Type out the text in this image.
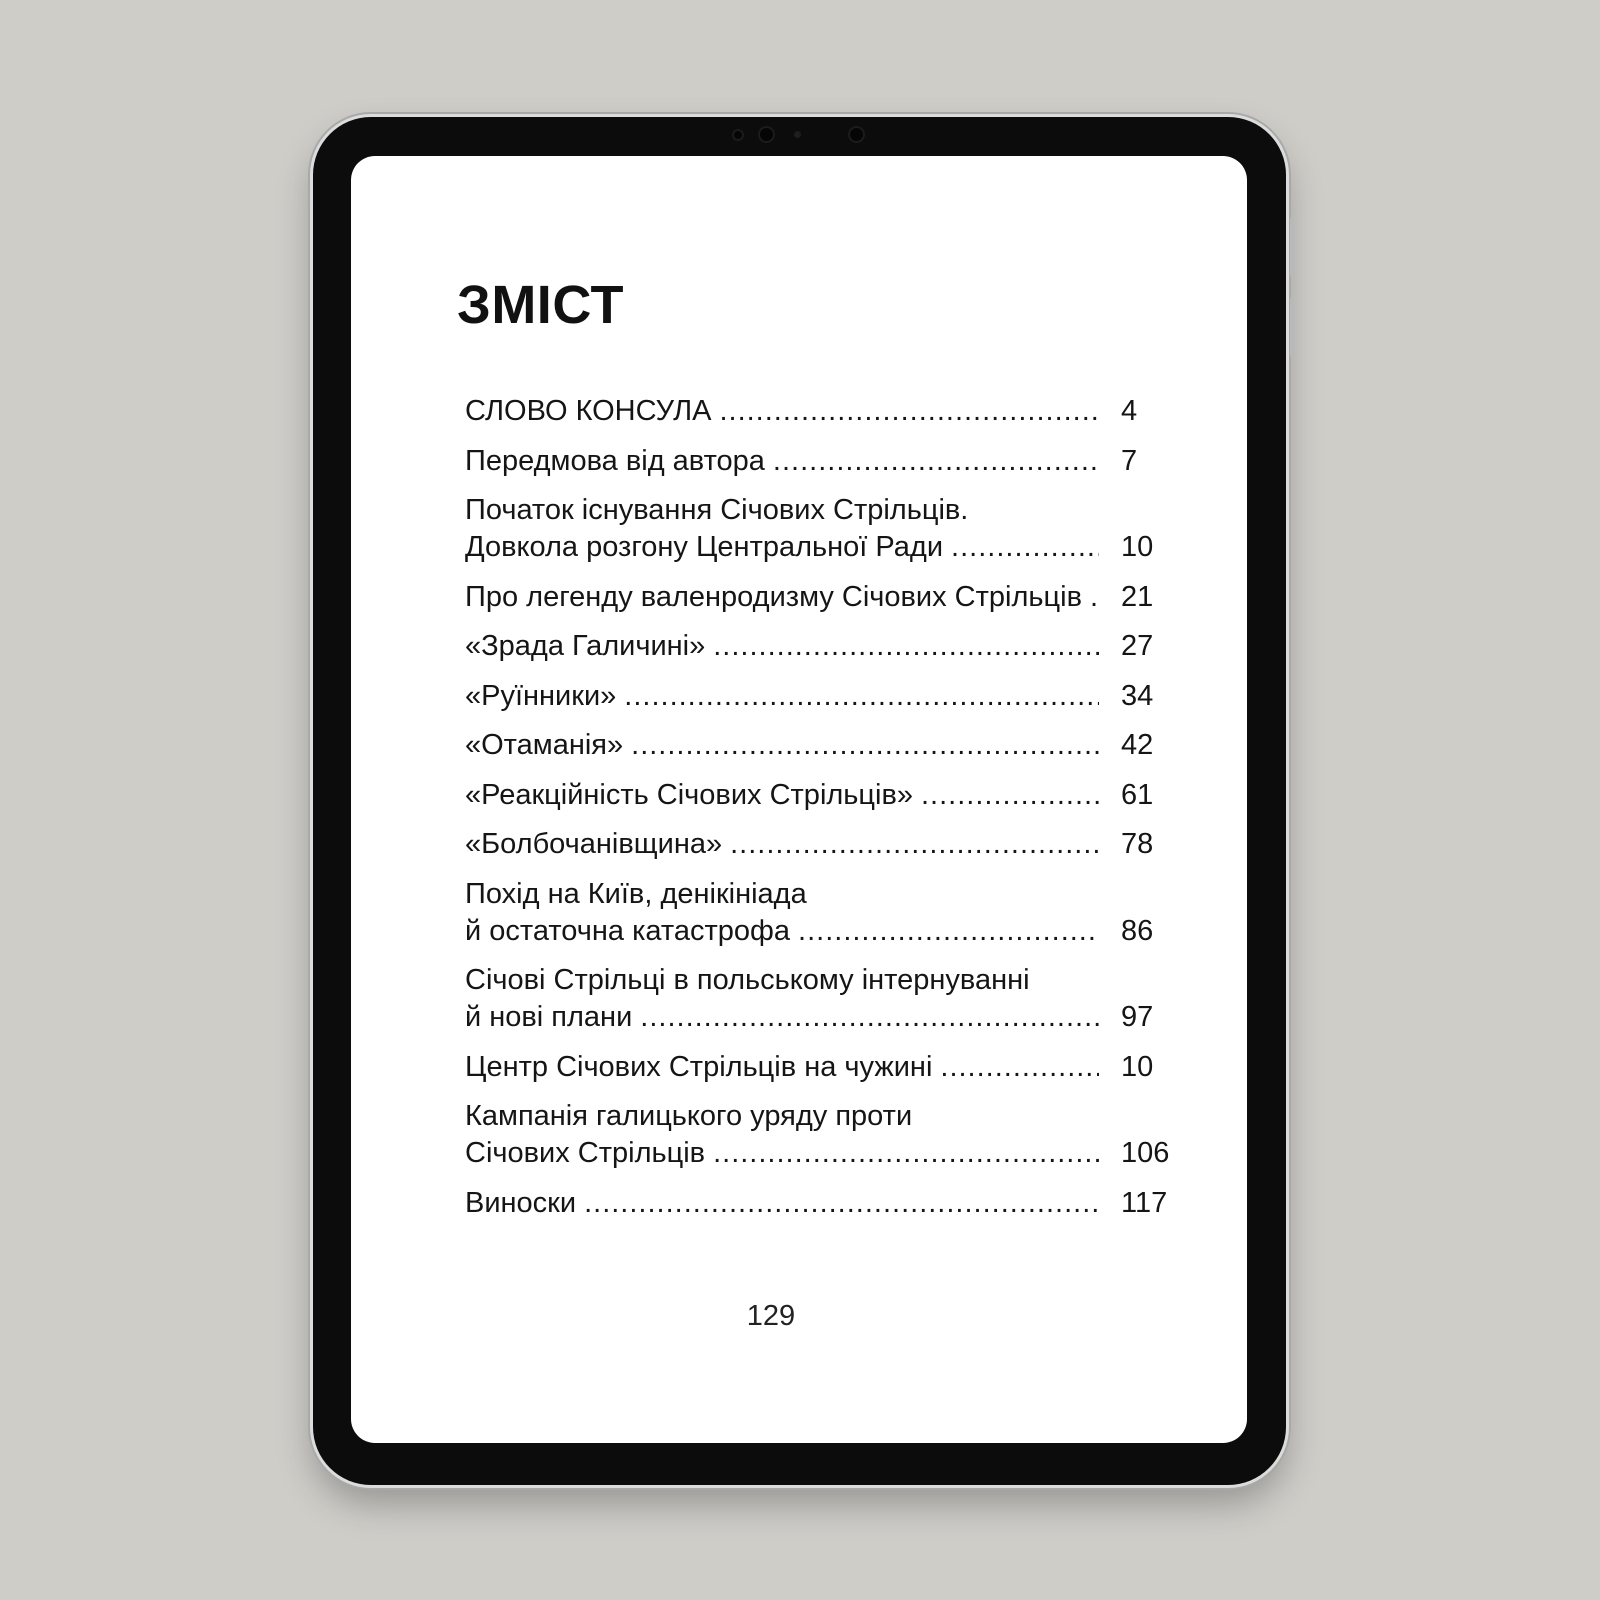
ЗМІСТ
СЛОВО КОНСУЛА .....	4
Передмова від автора .....	7
Початок існування Січових Стрільців.
Довкола розгону Центральної Ради .....	10
Про легенду валенродизму Січових Стрільців .....	21
«Зрада Галичині» .....	27
«Руїнники» .....	34
«Отаманія» .....	42
«Реакційність Січових Стрільців» .....	61
«Болбочанівщина» .....	78
Похід на Київ, денікініада
й остаточна катастрофа .....	86
Січові Стрільці в польському інтернуванні
й нові плани .....	97
Центр Січових Стрільців на чужині .....	10
Кампанія галицького уряду проти
Січових Стрільців .....	106
Виноски .....	117

129
